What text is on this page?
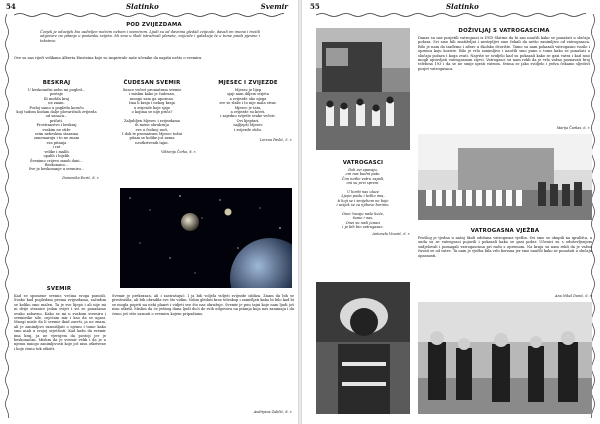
54	Slatinko	Svemir
POD ZVIJEZDAMA
Čovjek je oduvijek bio zadivljen noćnim nebom i svemirom. Ljudi su od davnina gledali zvijezde, davali im imena i tražili odgovore na pitanja o postanku svijeta. Mi smo u školi istraživali planete, zvijezde i galaksije te o tome pisali pjesme i tekstove.
Ove su nas riječi velikana Alberta Einsteina koje su inspirirale naše učenike da napišu nešto o svemiru.
BESKRAJ
U beskonačni nebo mi pogled...
postaje
Ili možda kraj
ne znam.
Posloj samo u pogledu koraču
koji tudom hodam dalje plovaričnih zvijezda
od sunaca...
pričati.
Prostranstvo i beskraj
svakim ne stiže
svim nebeskim stazama
zanemaruju i to ne znam
sva pitanja
i rat
velike i malih
opalih i bijelih
Šeenimo crijevo mnoh dani...
Beskonano...
Sve je beskonanje u svemiru...
Domenika Đurić, 8. r.
ČUDESAN SVEMIR
Sunce večeri promatram svemir
i mislim kako je čudesan,
mnogo sam ga upoznao.
Ima li kraja i nekog kraja
a zvijezde koje sjaje
o kojima se nije priča?

Zaljubljen Mjesec i zvijezdama
ih mene ohrabruju
sve u čudnoj noći,
I dok te promatram Mjesec tužni
pitam se kolike još nema
neotkrivenih tajni.
Viktorija Čorko, 8. r.
MJESEC I ZVIJEZDE
Mjesec je lijep
sjaji nam diljem svijeta
a zvijezde oko njega
sve se slaže i to nije mala stvar.
Mjesec je tata,
a zvijezde su kćeri,
i zajedno svijetle svake večeri.
Ovi lijeptari,
najljepši Mjesec
i zvijezde stižu.
Lorena Pavlić, 5. r.
SVEMIR
Kad se spomene svemir, većina svoga pomisli. Svako kad pogledam prema zvijezdama, začudim se koliko smo malen. Ta je sve lijepo i ali nije mi ni dvije stranice jedan svijet i svi se ponašamo ovako zabavno. Kako se mi u svakom svemiru i svemirske sile, osjećam mir i kao da se ugasi. Mnogi misle da li svemir ikad završi, ja ne znam, ali je zanimljivo razmišljati o njemu i tome kako smo mali u svojoj svjetlosti. Kad kažu da svemir ima kraj, ja ne vjerujem da postoji jer je beskonačan. Mislim da je svemir velik i da je u njemu mnogo zanimljivosti koje još nisu otkrivene i koje ćemo tek otkriti.
Svemir je prekrasan, ali i zastrašujuć. I ja bih voljela vidjeti zvijezde izbliza. Znam da bih se prestrašila, ali bih obradila sve što vidim. Volim gledati kroz teleskop i zamišljati kako bi bilo kad bi se mogla popeti na neki planet i vidjeti sve što nas okružuje. Svemir je pun tajni koje nam ljudi još nisu otkrili. Mislim da će jednog dana ljudi doći do svih odgovora na pitanja koja nas zanimaju i da ćemo još više saznati o svemiru kojem pripadamo.
Andrijana Zubčić, 8. r.
55	Slatinko
DOŽIVLJAJ S VATROGASCIMA
Danas su nas posjetili vatrogasci iz DVD Slatine da bi nas naučili kako se ponašati u slučaju požara. Svi smo bili znatiželjni i nestrpljivi smo čekali da nešto zanimljivo od vatrogasaca. Bilo je nam da izađemo i zdrav u školsko dvorište. Tamo su nam pokazali vatrogasno vozilo i opremu koju koriste. Bilo je vrlo zanimljivo i naučili smo puno o tome kako se ponašati u slučaju požara i koga zvati. Najviše se svidjelo kad su pokazali kako se gasi vatra i kad smo mogli upravljati vatrogasnom cijevi. Vatrogasci su nam rekli da je vrlo važno poznavati broj telefona 193 i da se ne smije igrati vatrom. Svima se jako svidjelo i jedva čekamo sljedeći posjet vatrogasaca.
Marija Čarkas, 6. r.
VATROGASCI
Dok svi spavaju,
oni nas budni pate.
Čim netko vatru zapali,
oni su prvi spreni.

U borbi nas ulaze
Ljepo poslu i teško ima,
ti koji se i smijehom ne boje
i uvijek se za njihove borimo.

Onei čuvaju naše kuće,
šume i nas,
Onei su naši junaci
i ja bih bio vatrogasac.
Antonela Vinarić, 6. r.	VATROGASNA VJEŽBA
Prošlog je tjedna u našoj školi održana vatrogasna vježba. Svi smo se okupili na igralištu, a onda su se vatrogasci pojavili i pokazali kako se gasi požar. Učenici su s oduševljenjem sudjelovali i pomagali vatrogascima pri radu s opremom. Na kraju su nam rekli da je važno čuvati se od vatre. Ta nam je vježba bila vrlo korisna jer smo naučili kako se ponašati u slučaju opasnosti.
Ana Nikol Dunić, 6. r.
